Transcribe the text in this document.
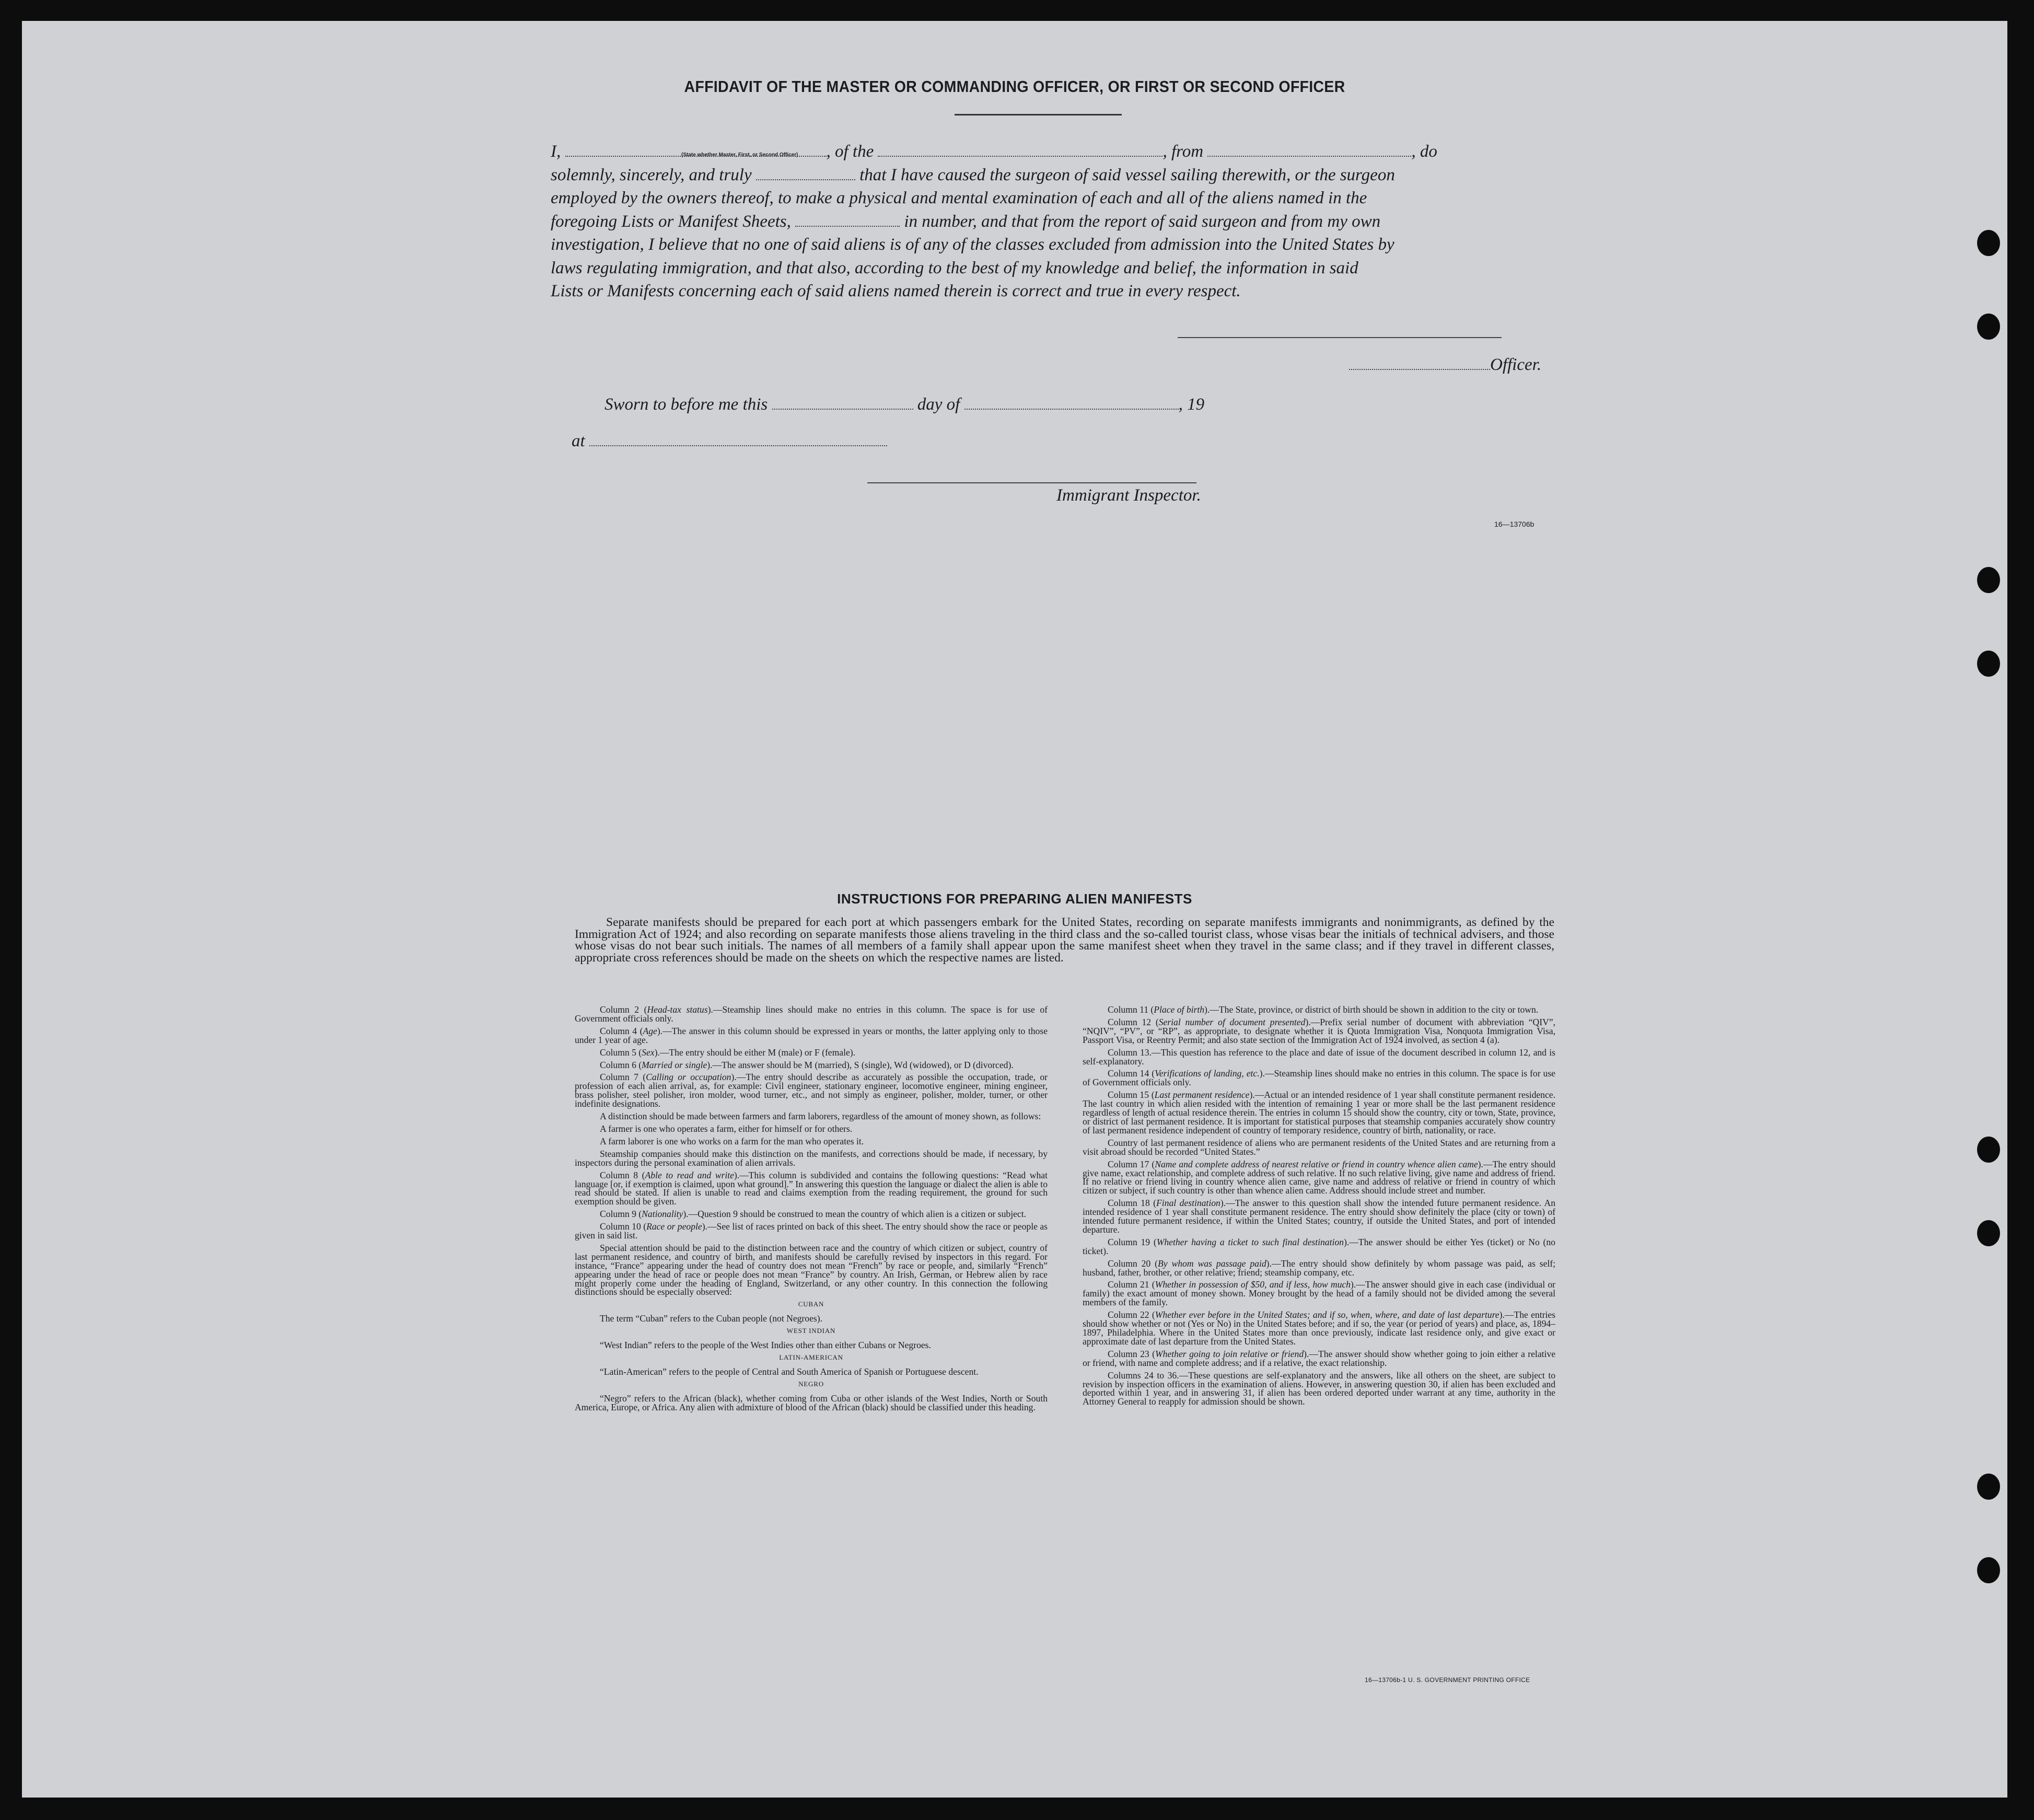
AFFIDAVIT OF THE MASTER OR COMMANDING OFFICER, OR FIRST OR SECOND OFFICER
I,	, of the	, from	, do
solemnly, sincerely, and truly	that I have caused the surgeon of said vessel sailing therewith, or the surgeon
employed by the owners thereof, to make a physical and mental examination of each and all of the aliens named in the
foregoing Lists or Manifest Sheets,	in number, and that from the report of said surgeon and from my own
investigation, I believe that no one of said aliens is of any of the classes excluded from admission into the United States by
laws regulating immigration, and that also, according to the best of my knowledge and belief, the information in said
Lists or Manifests concerning each of said aliens named therein is correct and true in every respect.
(State whether Master, First, or Second Officer)
Officer.
Sworn to before me this	day of	, 19
at
Immigrant Inspector.
16—13706b
INSTRUCTIONS FOR PREPARING ALIEN MANIFESTS
Separate manifests should be prepared for each port at which passengers embark for the United States, recording on separate manifests immigrants and nonimmigrants, as defined by the Immigration Act of 1924; and also recording on separate manifests those aliens traveling in the third class and the so-called tourist class, whose visas bear the initials of technical advisers, and those whose visas do not bear such initials. The names of all members of a family shall appear upon the same manifest sheet when they travel in the same class; and if they travel in different classes, appropriate cross references should be made on the sheets on which the respective names are listed.

Column 2 (Head-tax status).—Steamship lines should make no entries in this column. The space is for use of Government officials only.

Column 4 (Age).—The answer in this column should be expressed in years or months, the latter applying only to those under 1 year of age.

Column 5 (Sex).—The entry should be either M (male) or F (female).

Column 6 (Married or single).—The answer should be M (married), S (single), Wd (widowed), or D (divorced).

Column 7 (Calling or occupation).—The entry should describe as accurately as possible the occupation, trade, or profession of each alien arrival, as, for example: Civil engineer, stationary engineer, locomotive engineer, mining engineer, brass polisher, steel polisher, iron molder, wood turner, etc., and not simply as engineer, polisher, molder, turner, or other indefinite designations.

A distinction should be made between farmers and farm laborers, regardless of the amount of money shown, as follows:

A farmer is one who operates a farm, either for himself or for others.

A farm laborer is one who works on a farm for the man who operates it.

Steamship companies should make this distinction on the manifests, and corrections should be made, if necessary, by inspectors during the personal examination of alien arrivals.

Column 8 (Able to read and write).—This column is subdivided and contains the following questions: “Read what language [or, if exemption is claimed, upon what ground].” In answering this question the language or dialect the alien is able to read should be stated. If alien is unable to read and claims exemption from the reading requirement, the ground for such exemption should be given.

Column 9 (Nationality).—Question 9 should be construed to mean the country of which alien is a citizen or subject.

Column 10 (Race or people).—See list of races printed on back of this sheet. The entry should show the race or people as given in said list.

Special attention should be paid to the distinction between race and the country of which citizen or subject, country of last permanent residence, and country of birth, and manifests should be carefully revised by inspectors in this regard. For instance, “France” appearing under the head of country does not mean “French” by race or people, and, similarly “French” appearing under the head of race or people does not mean “France” by country. An Irish, German, or Hebrew alien by race might properly come under the heading of England, Switzerland, or any other country. In this connection the following distinctions should be especially observed:

CUBAN

The term “Cuban” refers to the Cuban people (not Negroes).

WEST INDIAN

“West Indian” refers to the people of the West Indies other than either Cubans or Negroes.

LATIN-AMERICAN

“Latin-American” refers to the people of Central and South America of Spanish or Portuguese descent.

NEGRO

“Negro” refers to the African (black), whether coming from Cuba or other islands of the West Indies, North or South America, Europe, or Africa. Any alien with admixture of blood of the African (black) should be classified under this heading.

Column 11 (Place of birth).—The State, province, or district of birth should be shown in addition to the city or town.

Column 12 (Serial number of document presented).—Prefix serial number of document with abbreviation “QIV”, “NQIV”, “PV”, or “RP”, as appropriate, to designate whether it is Quota Immigration Visa, Nonquota Immigration Visa, Passport Visa, or Reentry Permit; and also state section of the Immigration Act of 1924 involved, as section 4 (a).

Column 13.—This question has reference to the place and date of issue of the document described in column 12, and is self-explanatory.

Column 14 (Verifications of landing, etc.).—Steamship lines should make no entries in this column. The space is for use of Government officials only.

Column 15 (Last permanent residence).—Actual or an intended residence of 1 year shall constitute permanent residence. The last country in which alien resided with the intention of remaining 1 year or more shall be the last permanent residence regardless of length of actual residence therein. The entries in column 15 should show the country, city or town, State, province, or district of last permanent residence. It is important for statistical purposes that steamship companies accurately show country of last permanent residence independent of country of temporary residence, country of birth, nationality, or race.

Country of last permanent residence of aliens who are permanent residents of the United States and are returning from a visit abroad should be recorded “United States.”

Column 17 (Name and complete address of nearest relative or friend in country whence alien came).—The entry should give name, exact relationship, and complete address of such relative. If no such relative living, give name and address of friend. If no relative or friend living in country whence alien came, give name and address of relative or friend in country of which citizen or subject, if such country is other than whence alien came. Address should include street and number.

Column 18 (Final destination).—The answer to this question shall show the intended future permanent residence. An intended residence of 1 year shall constitute permanent residence. The entry should show definitely the place (city or town) of intended future permanent residence, if within the United States; country, if outside the United States, and port of intended departure.

Column 19 (Whether having a ticket to such final destination).—The answer should be either Yes (ticket) or No (no ticket).

Column 20 (By whom was passage paid).—The entry should show definitely by whom passage was paid, as self; husband, father, brother, or other relative; friend; steamship company, etc.

Column 21 (Whether in possession of $50, and if less, how much).—The answer should give in each case (individual or family) the exact amount of money shown. Money brought by the head of a family should not be divided among the several members of the family.

Column 22 (Whether ever before in the United States; and if so, when, where, and date of last departure).—The entries should show whether or not (Yes or No) in the United States before; and if so, the year (or period of years) and place, as, 1894–1897, Philadelphia. Where in the United States more than once previously, indicate last residence only, and give exact or approximate date of last departure from the United States.

Column 23 (Whether going to join relative or friend).—The answer should show whether going to join either a relative or friend, with name and complete address; and if a relative, the exact relationship.

Columns 24 to 36.—These questions are self-explanatory and the answers, like all others on the sheet, are subject to revision by inspection officers in the examination of aliens. However, in answering question 30, if alien has been excluded and deported within 1 year, and in answering 31, if alien has been ordered deported under warrant at any time, authority in the Attorney General to reapply for admission should be shown.

16—13706b-1 U. S. GOVERNMENT PRINTING OFFICE
